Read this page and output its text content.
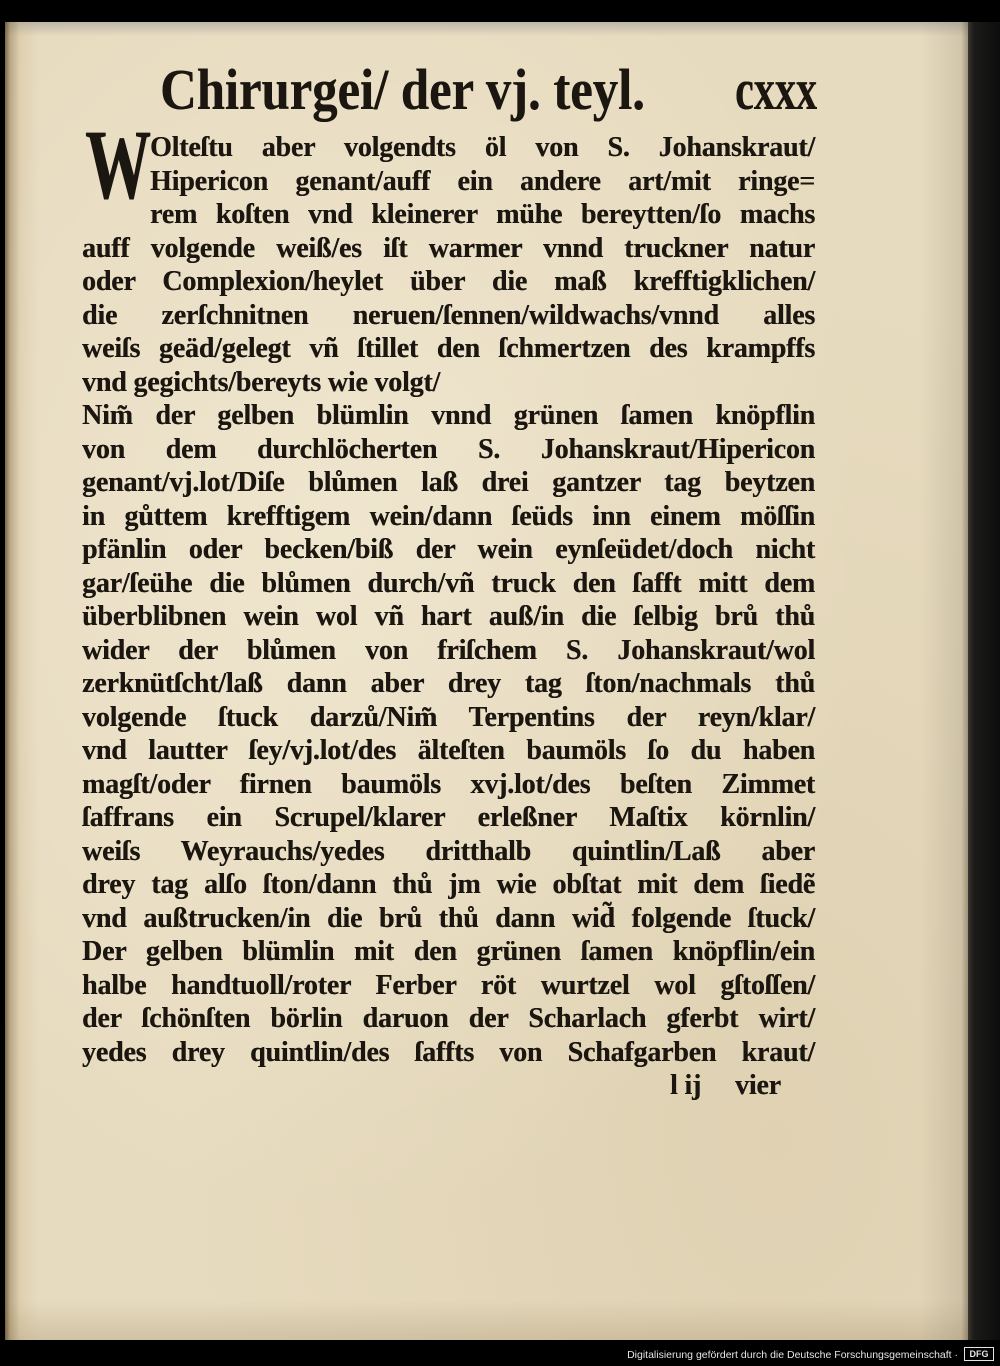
Chirurgei/ der vj. teyl. cxxx
W Olteſtu aber volgendts öl von S. Johanskraut/
Hipericon genant/auff ein andere art/mit ringe=
rem koſten vnd kleinerer mühe bereytten/ſo machs
auff volgende weiß/es iſt warmer vnnd truckner natur
oder Complexion/heylet über die maß krefftigklichen/
die zerſchnitnen neruen/ſennen/wildwachs/vnnd alles
weiſs geäd/gelegt vñ ſtillet den ſchmertzen des krampffs
vnd gegichts/bereyts wie volgt/
Nim̃ der gelben blümlin vnnd grünen ſamen knöpflin
von dem durchlöcherten S. Johanskraut/Hipericon
genant/vj.lot/Diſe blůmen laß drei gantzer tag beytzen
in gůttem krefftigem wein/dann ſeüds inn einem möſſin
pfänlin oder becken/biß der wein eynſeüdet/doch nicht
gar/ſeühe die blůmen durch/vñ truck den ſafft mitt dem
überblibnen wein wol vñ hart auß/in die ſelbig brů thů
wider der blůmen von friſchem S. Johanskraut/wol
zerknütſcht/laß dann aber drey tag ſton/nachmals thů
volgende ſtuck darzů/Nim̃ Terpentins der reyn/klar/
vnd lautter ſey/vj.lot/des älteſten baumöls ſo du haben
magſt/oder firnen baumöls xvj.lot/des beſten Zimmet
ſaffrans ein Scrupel/klarer erleßner Maſtix körnlin/
weiſs Weyrauchs/yedes dritthalb quintlin/Laß aber
drey tag alſo ſton/dann thů jm wie obſtat mit dem ſiedẽ
vnd außtrucken/in die brů thů dann wid̃ folgende ſtuck/
Der gelben blümlin mit den grünen ſamen knöpflin/ein
halbe handtuoll/roter Ferber röt wurtzel wol gſtoſſen/
der ſchönſten börlin daruon der Scharlach gferbt wirt/
yedes drey quintlin/des ſaffts von Schafgarben kraut/
l ij vier
Digitalisierung gefördert durch die Deutsche Forschungsgemeinschaft ·	DFG
